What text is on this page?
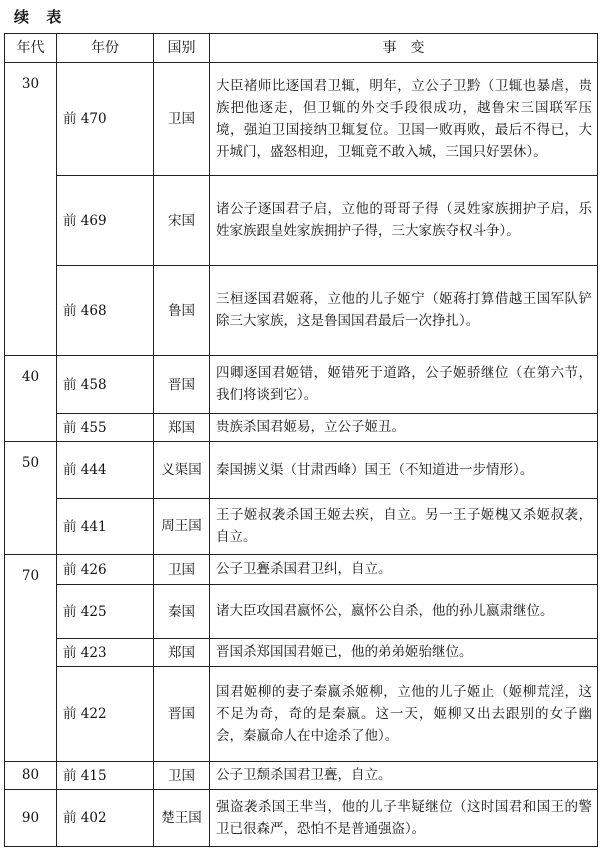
续 表
年代	年份	国别	事　变
30	前 470	卫国	大臣褚师比逐国君卫辄，明年，立公子卫黔（卫辄也暴虐，贵族把他逐走，但卫辄的外交手段很成功，越鲁宋三国联军压境，强迫卫国接纳卫辄复位。卫国一败再败，最后不得已，大开城门，盛怒相迎，卫辄竟不敢入城，三国只好罢休）。
	前 469	宋国	诸公子逐国君子启，立他的哥哥子得（灵姓家族拥护子启，乐姓家族跟皇姓家族拥护子得，三大家族夺权斗争）。
	前 468	鲁国	三桓逐国君姬蒋，立他的儿子姬宁（姬蒋打算借越王国军队铲除三大家族，这是鲁国国君最后一次挣扎）。
40	前 458	晋国	四卿逐国君姬错，姬错死于道路，公子姬骄继位（在第六节，我们将谈到它）。
	前 455	郑国	贵族杀国君姬易，立公子姬丑。
50	前 444	义渠国	秦国掳义渠（甘肃西峰）国王（不知道进一步情形）。
	前 441	周王国	王子姬叔袭杀国王姬去疾，自立。另一王子姬槐又杀姬叔袭，自立。
70	前 426	卫国	公子卫亹杀国君卫纠，自立。
	前 425	秦国	诸大臣攻国君嬴怀公，嬴怀公自杀，他的孙儿嬴肃继位。
	前 423	郑国	晋国杀郑国国君姬已，他的弟弟姬骀继位。
	前 422	晋国	国君姬柳的妻子秦嬴杀姬柳，立他的儿子姬止（姬柳荒淫，这不足为奇，奇的是秦嬴。这一天，姬柳又出去跟别的女子幽会，秦嬴命人在中途杀了他）。
80	前 415	卫国	公子卫颓杀国君卫亹，自立。
90	前 402	楚王国	强盗袭杀国王芈当，他的儿子芈疑继位（这时国君和国王的警卫已很森严，恐怕不是普通强盗）。
